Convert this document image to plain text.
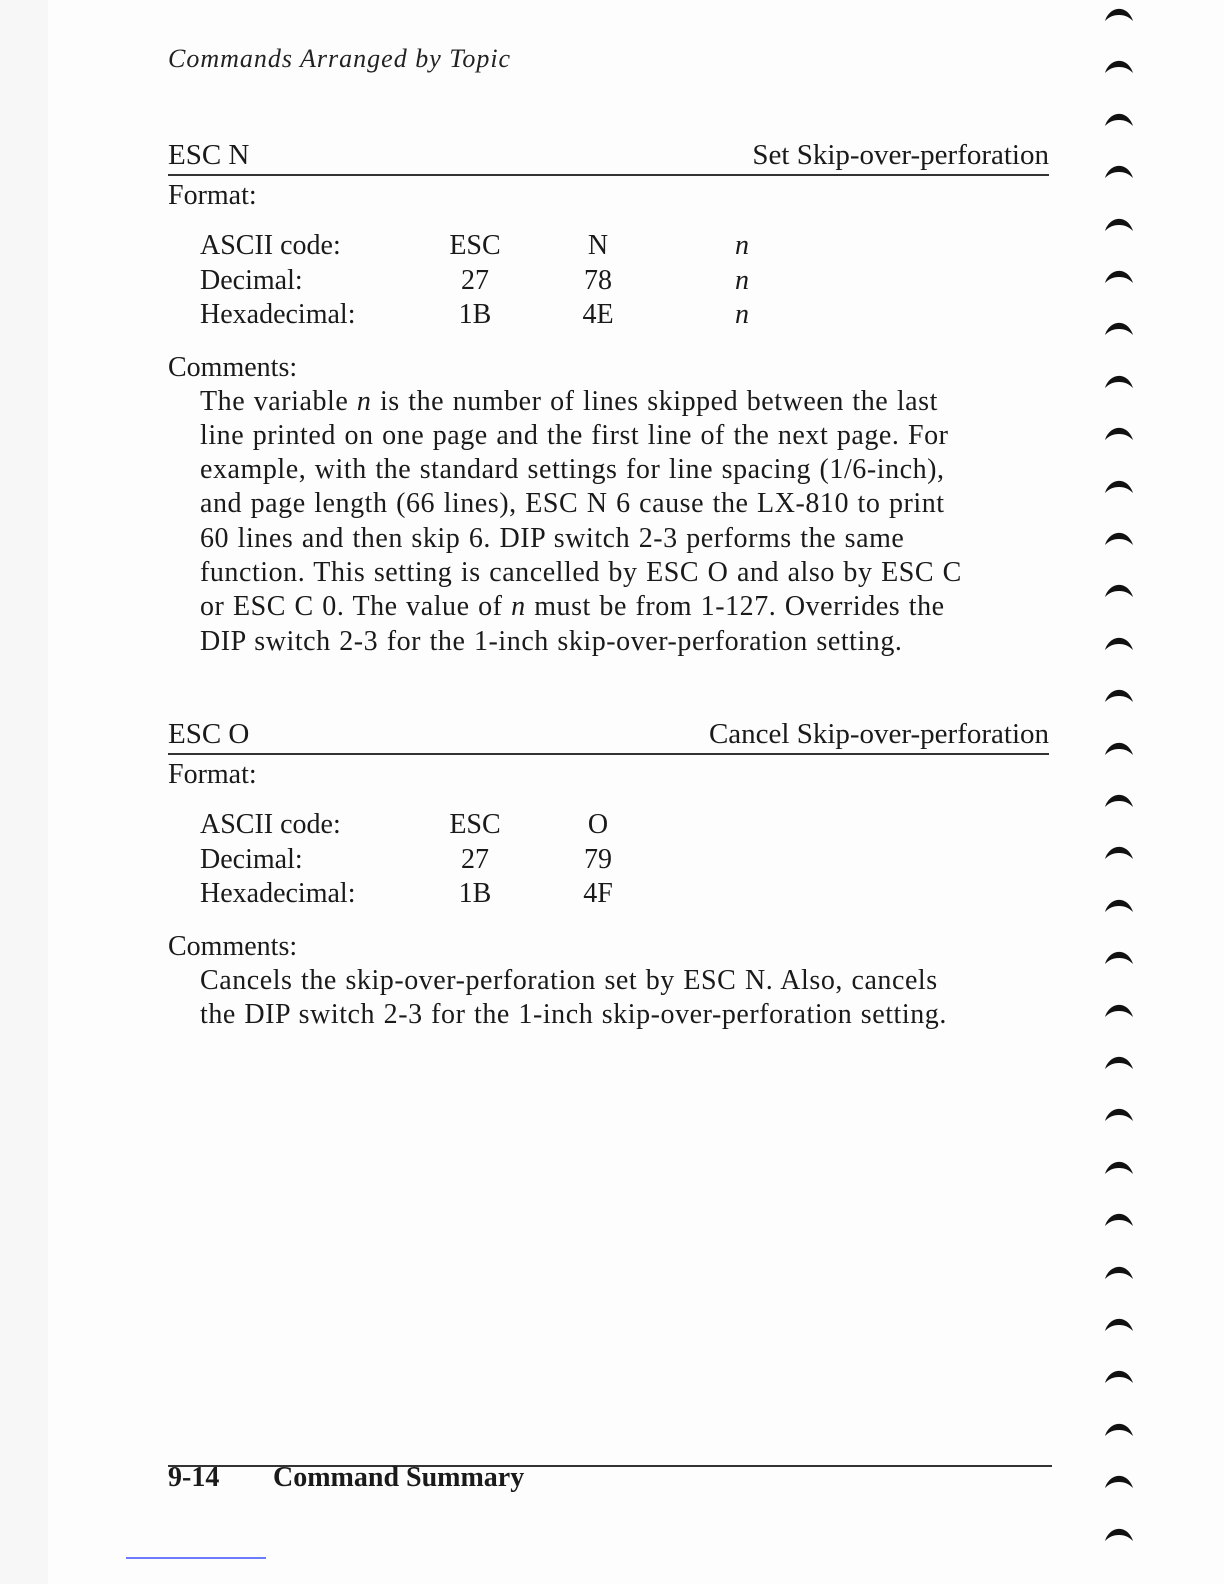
Commands Arranged by Topic
ESC N	Set Skip-over-perforation
Format:
ASCII code:	ESC	N	n
Decimal:	27	78	n
Hexadecimal:	1B	4E	n
Comments:
The variable n is the number of lines skipped between the last
line printed on one page and the first line of the next page. For
example, with the standard settings for line spacing (1/6-inch),
and page length (66 lines), ESC N 6 cause the LX-810 to print
60 lines and then skip 6. DIP switch 2-3 performs the same
function. This setting is cancelled by ESC O and also by ESC C
or ESC C 0. The value of n must be from 1-127. Overrides the
DIP switch 2-3 for the 1-inch skip-over-perforation setting.
ESC O	Cancel Skip-over-perforation
Format:
ASCII code:	ESC	O
Decimal:	27	79
Hexadecimal:	1B	4F
Comments:
Cancels the skip-over-perforation set by ESC N. Also, cancels
the DIP switch 2-3 for the 1-inch skip-over-perforation setting.
9-14 Command Summary
